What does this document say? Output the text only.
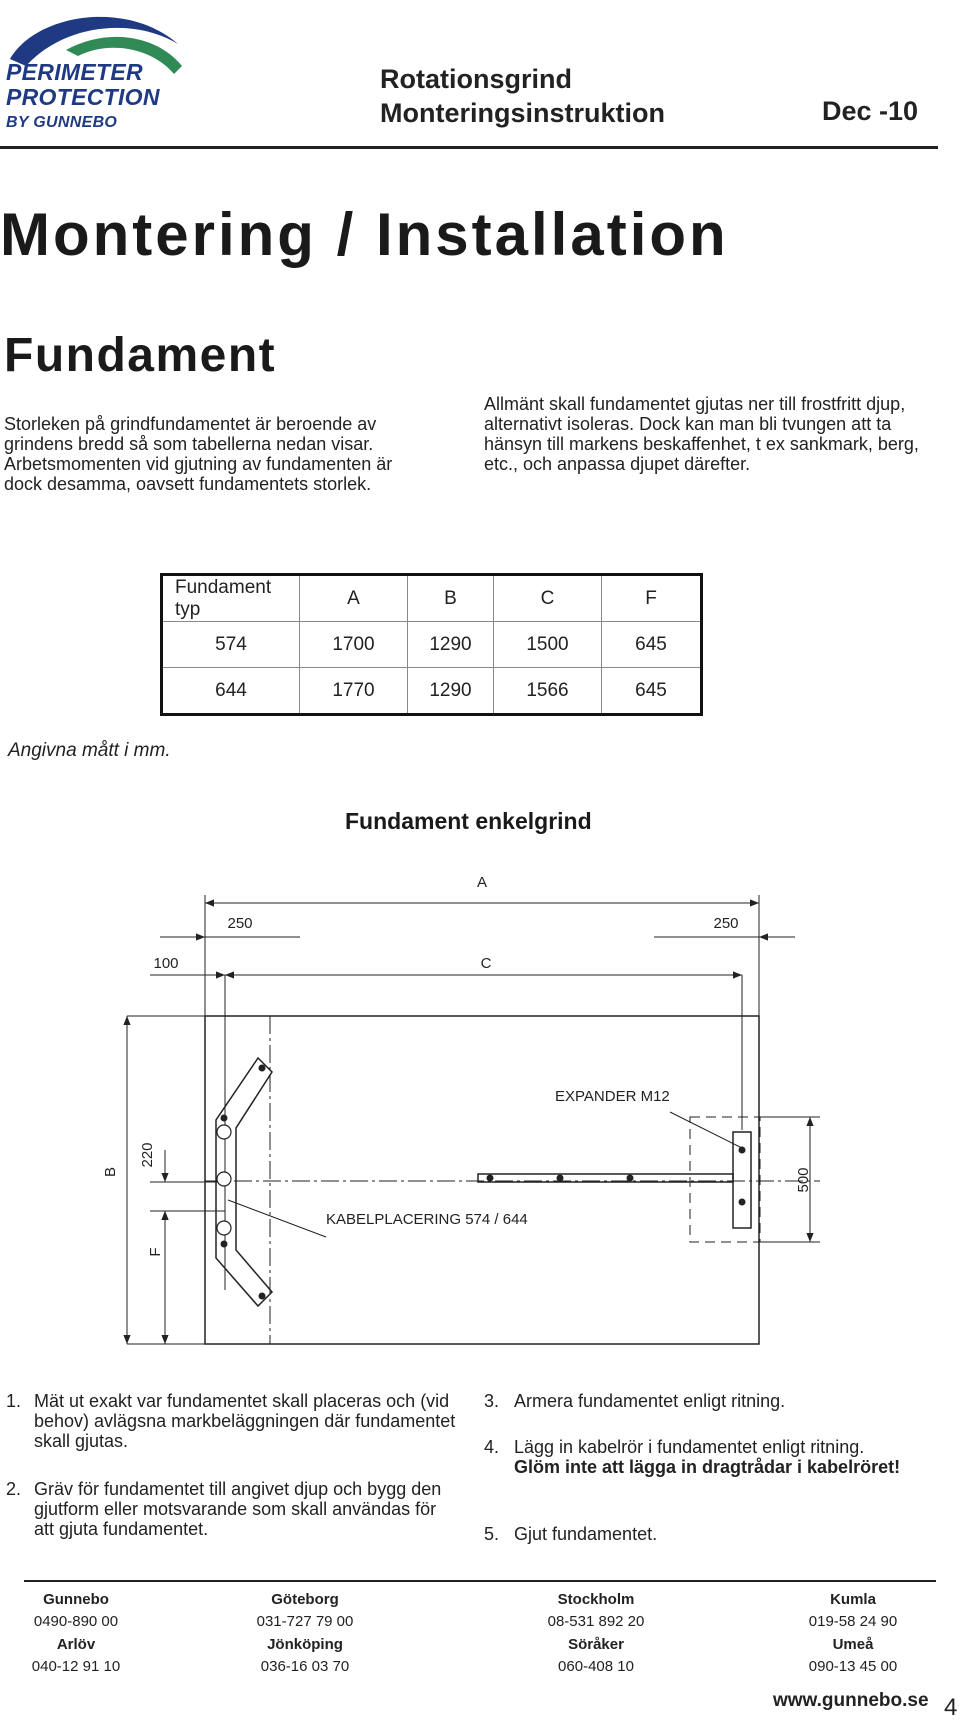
PERIMETER
PROTECTION
BY GUNNEBO
Rotationsgrind
Monteringsinstruktion	Dec -10
Montering / Installation
Fundament
Storleken på grindfundamentet är beroende av grindens bredd så som tabellerna nedan visar. Arbetsmomenten vid gjutning av fundamenten är dock desamma, oavsett fundamentets storlek.
Allmänt skall fundamentet gjutas ner till frostfritt djup, alternativt isoleras. Dock kan man bli tvungen att ta hänsyn till markens beskaffenhet, t ex sankmark, berg, etc., och anpassa djupet därefter.
Fundament typ	A	B	C	F
574	1700	1290	1500	645
644	1770	1290	1566	645
Angivna mått i mm.
Fundament enkelgrind
A
250	250
100	C
B
220
F
500
EXPANDER M12
KABELPLACERING 574 / 644
1. Mät ut exakt var fundamentet skall placeras och (vid behov) avlägsna markbeläggningen där fundamentet skall gjutas.
2. Gräv för fundamentet till angivet djup och bygg den gjutform eller motsvarande som skall användas för att gjuta fundamentet.
3. Armera fundamentet enligt ritning.
4. Lägg in kabelrör i fundamentet enligt ritning.
Glöm inte att lägga in dragtrådar i kabelröret!
5. Gjut fundamentet.
Gunnebo
0490-890 00
Göteborg
031-727 79 00
Stockholm
08-531 892 20
Kumla
019-58 24 90
Arlöv
040-12 91 10
Jönköping
036-16 03 70
Söråker
060-408 10
Umeå
090-13 45 00
4
www.gunnebo.se
